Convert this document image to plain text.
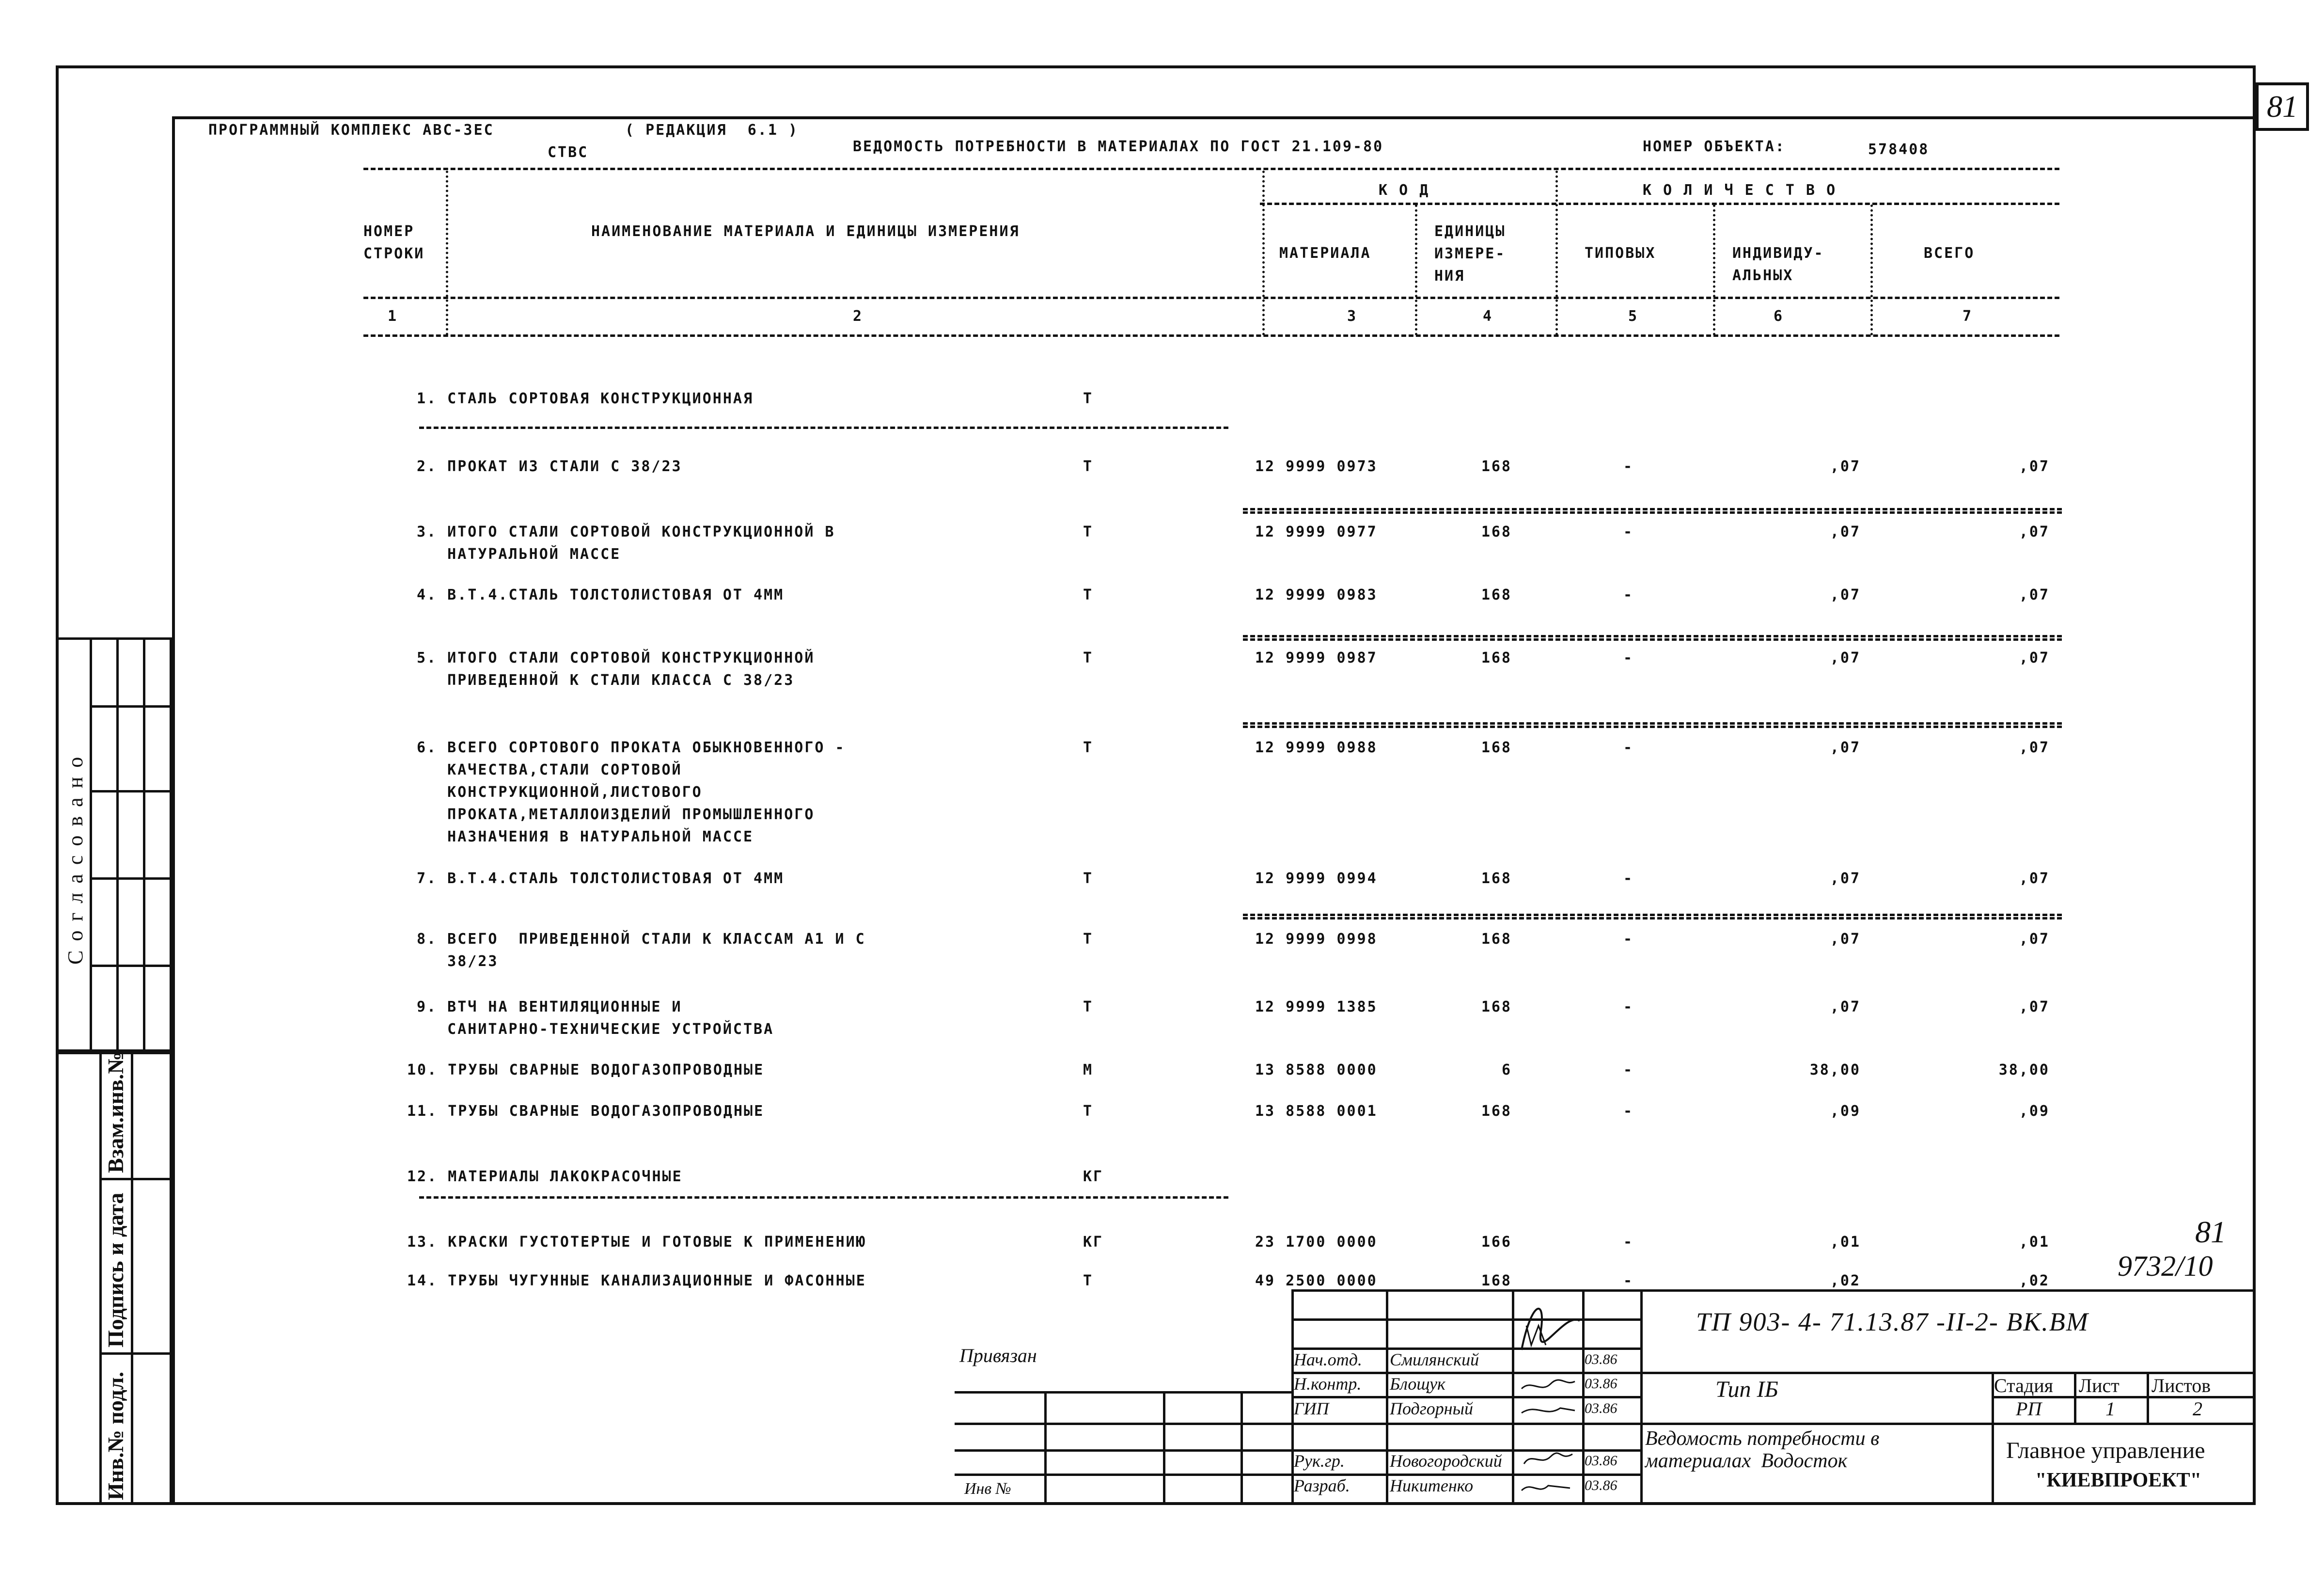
81
ПРОГРАММНЫЙ КОМПЛЕКС АВС-ЗЕС	( РЕДАКЦИЯ  6.1 )
СТВС	ВЕДОМОСТЬ ПОТРЕБНОСТИ В МАТЕРИАЛАХ ПО ГОСТ 21.109-80	НОМЕР ОБЪЕКТА:	578408
НОМЕР
СТРОКИ
НАИМЕНОВАНИЕ МАТЕРИАЛА И ЕДИНИЦЫ ИЗМЕРЕНИЯ
К О Д
МАТЕРИАЛА
ЕДИНИЦЫ
ИЗМЕРЕ-
НИЯ
К О Л И Ч Е С Т В О
ТИПОВЫХ	ИНДИВИДУ-
АЛЬНЫХ
ВСЕГО
1	2	3	4	5	6	7
1. СТАЛЬ СОРТОВАЯ КОНСТРУКЦИОННАЯ	Т
2. ПРОКАТ ИЗ СТАЛИ С 38/23	Т	12 9999 0973	168	-	,07	,07
3. ИТОГО СТАЛИ СОРТОВОЙ КОНСТРУКЦИОННОЙ В
НАТУРАЛЬНОЙ МАССЕ
Т	12 9999 0977	168	-	,07	,07
4. В.Т.4.СТАЛЬ ТОЛСТОЛИСТОВАЯ ОТ 4ММ	Т	12 9999 0983	168	-	,07	,07
5. ИТОГО СТАЛИ СОРТОВОЙ КОНСТРУКЦИОННОЙ
ПРИВЕДЕННОЙ К СТАЛИ КЛАССА С 38/23
Т	12 9999 0987	168	-	,07	,07
6. ВСЕГО СОРТОВОГО ПРОКАТА ОБЫКНОВЕННОГО -
КАЧЕСТВА,СТАЛИ СОРТОВОЙ
КОНСТРУКЦИОННОЙ,ЛИСТОВОГО
ПРОКАТА,МЕТАЛЛОИЗДЕЛИЙ ПРОМЫШЛЕННОГО
НАЗНАЧЕНИЯ В НАТУРАЛЬНОЙ МАССЕ
Т	12 9999 0988	168	-	,07	,07
7. В.Т.4.СТАЛЬ ТОЛСТОЛИСТОВАЯ ОТ 4ММ	Т	12 9999 0994	168	-	,07	,07
8. ВСЕГО  ПРИВЕДЕННОЙ СТАЛИ К КЛАССАМ А1 И С
38/23
Т	12 9999 0998	168	-	,07	,07
9. ВТЧ НА ВЕНТИЛЯЦИОННЫЕ И
САНИТАРНО-ТЕХНИЧЕСКИЕ УСТРОЙСТВА
Т	12 9999 1385	168	-	,07	,07
10. ТРУБЫ СВАРНЫЕ ВОДОГАЗОПРОВОДНЫЕ	М	13 8588 0000	6	-	38,00	38,00
11. ТРУБЫ СВАРНЫЕ ВОДОГАЗОПРОВОДНЫЕ	Т	13 8588 0001	168	-	,09	,09
12. МАТЕРИАЛЫ ЛАКОКРАСОЧНЫЕ	КГ
13. КРАСКИ ГУСТОТЕРТЫЕ И ГОТОВЫЕ К ПРИМЕНЕНИЮ	КГ	23 1700 0000	166	-	,01	,01
14. ТРУБЫ ЧУГУННЫЕ КАНАЛИЗАЦИОННЫЕ И ФАСОННЫЕ	Т	49 2500 0000	168	-	,02	,02
С о г л а с о в а н о
Взам.инв.№
Подпись и дата
Инв.№ подл.
81
9732/10
Привязан
Инв №
ТП 903- 4- 71.13.87 -II-2- ВК.ВМ
Тип IБ
Ведомость потребности в
материалах  Водосток
Стадия Лист Листов
РП	1	2
Главное управление
"КИЕВПРОЕКТ"
Нач.отд. Смилянский	03.86
Н.контр. Блощук	03.86
ГИП	Подгорный	03.86
Рук.гр.	Новогородский	03.86
Разраб. Никитенко	03.86
